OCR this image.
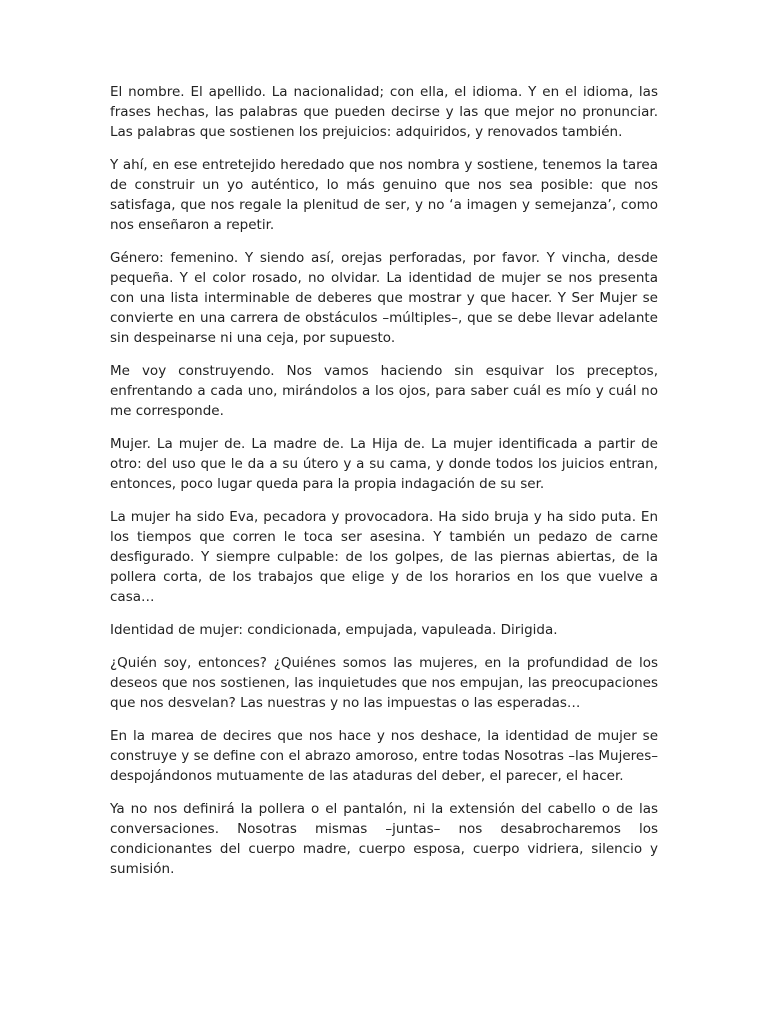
El nombre. El apellido. La nacionalidad; con ella, el idioma. Y en el idioma, las frases hechas, las palabras que pueden decirse y las que mejor no pronunciar. Las palabras que sostienen los prejuicios: adquiridos, y renovados también.

Y ahí, en ese entretejido heredado que nos nombra y sostiene, tenemos la tarea de construir un yo auténtico, lo más genuino que nos sea posible: que nos satisfaga, que nos regale la plenitud de ser, y no ‘a imagen y semejanza’, como nos enseñaron a repetir.

Género: femenino. Y siendo así, orejas perforadas, por favor. Y vincha, desde pequeña. Y el color rosado, no olvidar. La identidad de mujer se nos presenta con una lista interminable de deberes que mostrar y que hacer. Y Ser Mujer se convierte en una carrera de obstáculos –múltiples–, que se debe llevar adelante sin despeinarse ni una ceja, por supuesto.

Me voy construyendo. Nos vamos haciendo sin esquivar los preceptos, enfrentando a cada uno, mirándolos a los ojos, para saber cuál es mío y cuál no me corresponde.

Mujer. La mujer de. La madre de. La Hija de. La mujer identificada a partir de otro: del uso que le da a su útero y a su cama, y donde todos los juicios entran, entonces, poco lugar queda para la propia indagación de su ser.

La mujer ha sido Eva, pecadora y provocadora. Ha sido bruja y ha sido puta. En los tiempos que corren le toca ser asesina. Y también un pedazo de carne desfigurado. Y siempre culpable: de los golpes, de las piernas abiertas, de la pollera corta, de los trabajos que elige y de los horarios en los que vuelve a casa…

Identidad de mujer: condicionada, empujada, vapuleada. Dirigida.

¿Quién soy, entonces? ¿Quiénes somos las mujeres, en la profundidad de los deseos que nos sostienen, las inquietudes que nos empujan, las preocupaciones que nos desvelan? Las nuestras y no las impuestas o las esperadas…

En la marea de decires que nos hace y nos deshace, la identidad de mujer se construye y se define con el abrazo amoroso, entre todas Nosotras –las Mujeres– despojándonos mutuamente de las ataduras del deber, el parecer, el hacer.

Ya no nos definirá la pollera o el pantalón, ni la extensión del cabello o de las conversaciones. Nosotras mismas –juntas– nos desabrocharemos los condicionantes del cuerpo madre, cuerpo esposa, cuerpo vidriera, silencio y sumisión.
